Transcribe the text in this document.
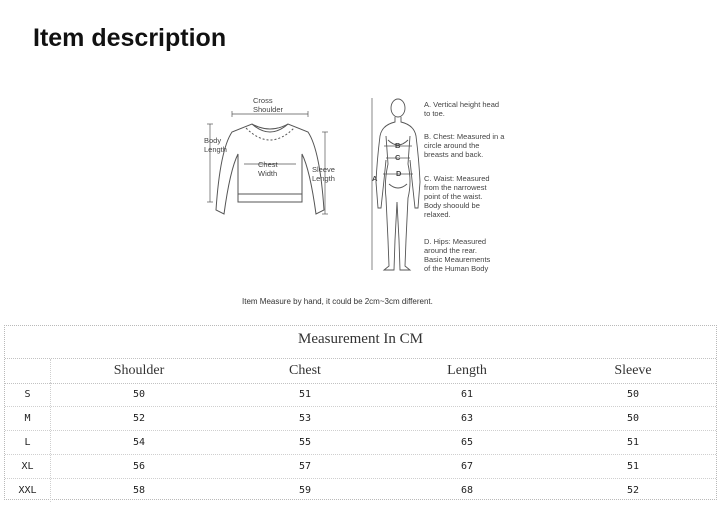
Item description
Cross
Shoulder
Body
Length
Chest
Width	Sleeve
Length	A
B
C
D
A. Vertical height head
to toe.
B. Chest: Measured in a
circle around the
breasts and back.
C. Waist: Measured
from the narrowest
point of the waist.
Body shoould be
relaxed.
D. Hips: Measured
around the rear.
Basic Meaurements
of the Human Body
Item Measure by hand, it could be 2cm~3cm different.
Measurement In CM
Shoulder	Chest	Length	Sleeve
S	50	51	61	50
M	52	53	63	50
L	54	55	65	51
XL	56	57	67	51
XXL	58	59	68	52
